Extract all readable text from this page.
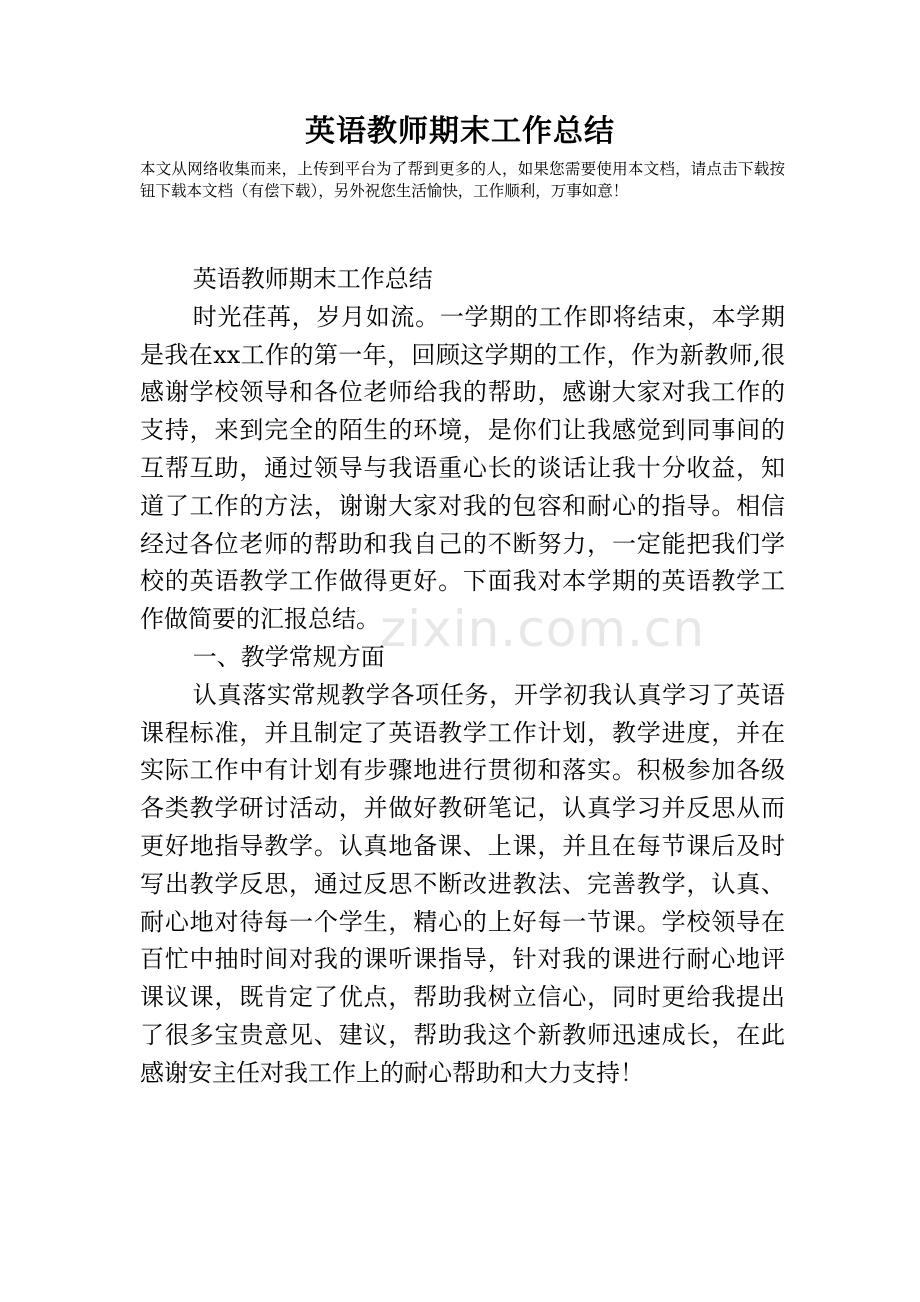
英语教师期末工作总结
本文从网络收集而来，上传到平台为了帮到更多的人，如果您需要使用本文档，请点击下载按钮下载本文档（有偿下载），另外祝您生活愉快，工作顺利，万事如意！

英语教师期末工作总结

时光荏苒，岁月如流。一学期的工作即将结束，本学期是我在xx工作的第一年，回顾这学期的工作，作为新教师,很感谢学校领导和各位老师给我的帮助，感谢大家对我工作的支持，来到完全的陌生的环境，是你们让我感觉到同事间的互帮互助，通过领导与我语重心长的谈话让我十分收益，知道了工作的方法，谢谢大家对我的包容和耐心的指导。相信经过各位老师的帮助和我自己的不断努力，一定能把我们学校的英语教学工作做得更好。下面我对本学期的英语教学工作做简要的汇报总结。

一、教学常规方面

认真落实常规教学各项任务，开学初我认真学习了英语课程标准，并且制定了英语教学工作计划，教学进度，并在实际工作中有计划有步骤地进行贯彻和落实。积极参加各级各类教学研讨活动，并做好教研笔记，认真学习并反思从而更好地指导教学。认真地备课、上课，并且在每节课后及时写出教学反思，通过反思不断改进教法、完善教学，认真、耐心地对待每一个学生，精心的上好每一节课。学校领导在百忙中抽时间对我的课听课指导，针对我的课进行耐心地评课议课，既肯定了优点，帮助我树立信心，同时更给我提出了很多宝贵意见、建议，帮助我这个新教师迅速成长，在此感谢安主任对我工作上的耐心帮助和大力支持！

zixin.com.cn
